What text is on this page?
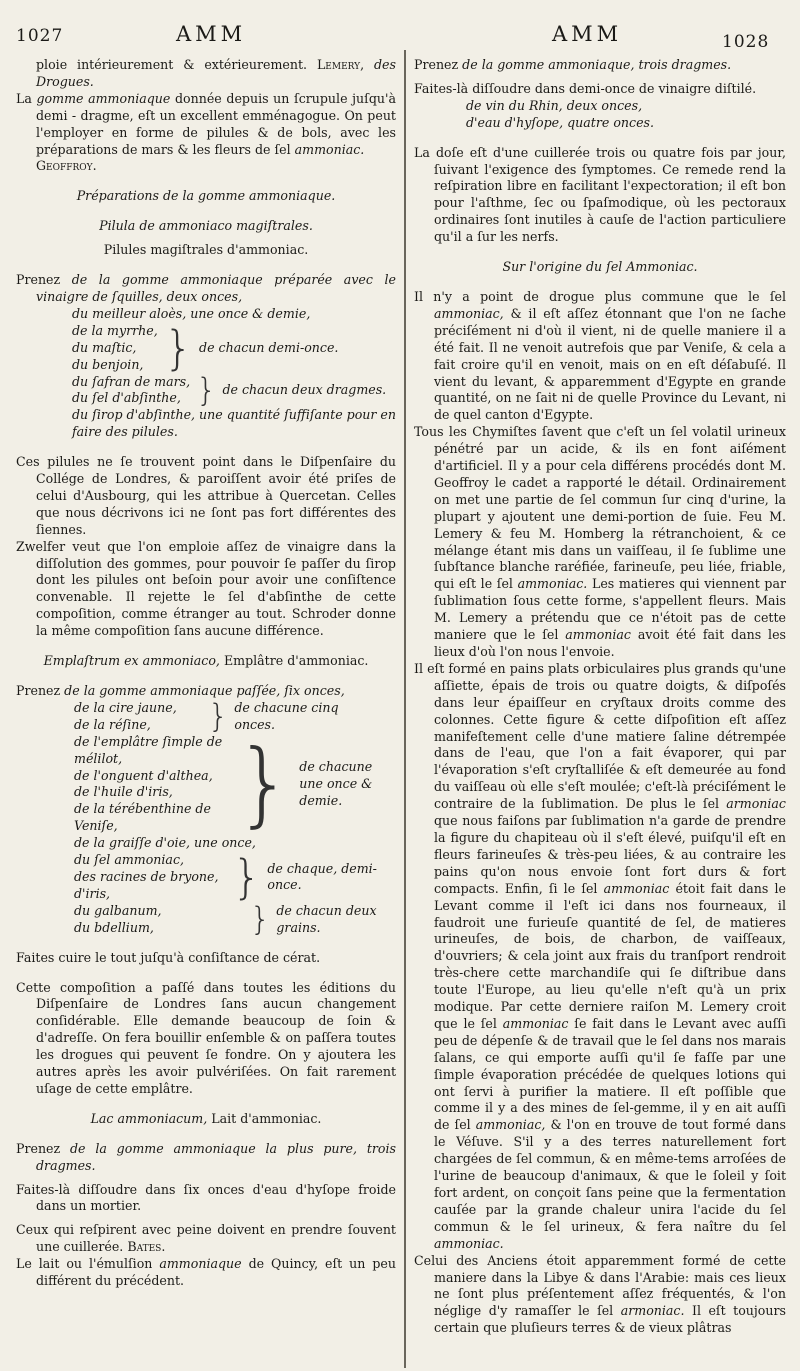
1027	AMM	AMM	1028

ploie intérieurement & extérieurement. Lemery, des Drogues.

La gomme ammoniaque donnée depuis un ſcrupule juſqu'à demi - dragme, eſt un excellent emménagogue. On peut l'employer en forme de pilules & de bols, avec les préparations de mars & les fleurs de ſel ammoniac.
Geoffroy.

Préparations de la gomme ammoniaque.

Pilula de ammoniaco magiſtrales.

Pilules magiſtrales d'ammoniac.

Prenez de la gomme ammoniaque préparée avec le vinaigre de ſquilles, deux onces,

du meilleur aloès, une once & demie,

de la myrrhe,
du maſtic,
du benjoin, } de chacun demi-once.
du ſafran de mars,
du ſel d'abſinthe, } de chacun deux dragmes.

du ſirop d'abſinthe, une quantité ſuffiſante pour en faire des pilules.

Ces pilules ne ſe trouvent point dans le Diſpenſaire du Collége de Londres, & paroiſſent avoir été priſes de celui d'Ausbourg, qui les attribue à Quercetan. Celles que nous décrivons ici ne ſont pas fort différentes des ſiennes.

Zwelfer veut que l'on emploie aſſez de vinaigre dans la diſſolution des gommes, pour pouvoir ſe paſſer du ſirop dont les pilules ont beſoin pour avoir une conſiſtence convenable. Il rejette le ſel d'abſinthe de cette compoſition, comme étranger au tout. Schroder donne la même compoſition ſans aucune différence.

Emplaſtrum ex ammoniaco, Emplâtre d'ammoniac.

Prenez de la gomme ammoniaque paſſée, ſix onces,

de la cire jaune,
de la réſine,	} de chacune cinq onces.
de l'emplâtre ſimple de mélilot,
de l'onguent d'althea,
de l'huile d'iris,
de la térébenthine de Veniſe,	} de chacune une once & demie.

de la graiſſe d'oie, une once,

du ſel ammoniac,
des racines de bryone,
d'iris,	} de chaque, demi-once.
du galbanum,
du bdellium,	} de chacun deux grains.

Faites cuire le tout juſqu'à conſiſtance de cérat.

Cette compoſition a paſſé dans toutes les éditions du Diſpenſaire de Londres ſans aucun changement conſidérable. Elle demande beaucoup de ſoin & d'adreſſe. On fera bouillir enſemble & on paſſera toutes les drogues qui peuvent ſe fondre. On y ajoutera les autres après les avoir pulvériſées. On fait rarement uſage de cette emplâtre.

Lac ammoniacum, Lait d'ammoniac.

Prenez de la gomme ammoniaque la plus pure, trois dragmes.

Faites-là diſſoudre dans ſix onces d'eau d'hyſope froide dans un mortier.

Ceux qui reſpirent avec peine doivent en prendre ſouvent une cuillerée. Bates.

Le lait ou l'émulſion ammoniaque de Quincy, eſt un peu différent du précédent.

Prenez de la gomme ammoniaque, trois dragmes.

Faites-là diſſoudre dans demi-once de vinaigre diſtilé.

de vin du Rhin, deux onces,

d'eau d'hyſope, quatre onces.

La doſe eſt d'une cuillerée trois ou quatre fois par jour, ſuivant l'exigence des ſymptomes. Ce remede rend la reſpiration libre en facilitant l'expectoration; il eſt bon pour l'aſthme, ſec ou ſpaſmodique, où les pectoraux ordinaires ſont inutiles à cauſe de l'action particuliere qu'il a ſur les nerfs.

Sur l'origine du ſel Ammoniac.

Il n'y a point de drogue plus commune que le ſel ammoniac, & il eſt aſſez étonnant que l'on ne ſache préciſément ni d'où il vient, ni de quelle maniere il a été fait. Il ne venoit autrefois que par Veniſe, & cela a fait croire qu'il en venoit, mais on en eſt déſabuſé. Il vient du levant, & apparemment d'Egypte en grande quantité, on ne ſait ni de quelle Province du Levant, ni de quel canton d'Egypte.

Tous les Chymiſtes ſavent que c'eſt un ſel volatil urineux pénétré par un acide, & ils en font aiſément d'artificiel. Il y a pour cela différens procédés dont M. Geoffroy le cadet a rapporté le détail. Ordinairement on met une partie de ſel commun ſur cinq d'urine, la plupart y ajoutent une demi-portion de ſuie. Feu M. Lemery & feu M. Homberg la rétranchoient, & ce mélange étant mis dans un vaiſſeau, il ſe ſublime une ſubſtance blanche raréfiée, farineuſe, peu liée, friable, qui eſt le ſel ammoniac. Les matieres qui viennent par ſublimation ſous cette forme, s'appellent fleurs. Mais M. Lemery a prétendu que ce n'étoit pas de cette maniere que le ſel ammoniac avoit été fait dans les lieux d'où l'on nous l'envoie.

Il eſt formé en pains plats orbiculaires plus grands qu'une aſſiette, épais de trois ou quatre doigts, & diſpoſés dans leur épaiſſeur en cryſtaux droits comme des colonnes. Cette figure & cette diſpoſition eſt aſſez manifeſtement celle d'une matiere ſaline détrempée dans de l'eau, que l'on a fait évaporer, qui par l'évaporation s'eſt cryſtalliſée & eſt demeurée au fond du vaiſſeau où elle s'eſt moulée; c'eſt-là préciſément le contraire de la ſublimation. De plus le ſel armoniac que nous faiſons par ſublimation n'a garde de prendre la figure du chapiteau où il s'eſt élevé, puiſqu'il eſt en fleurs farineuſes & très-peu liées, & au contraire les pains qu'on nous envoie ſont fort durs & fort compacts. Enfin, ſi le ſel ammoniac étoit fait dans le Levant comme il l'eſt ici dans nos fourneaux, il faudroit une furieuſe quantité de ſel, de matieres urineuſes, de bois, de charbon, de vaiſſeaux, d'ouvriers; & cela joint aux frais du tranſport rendroit très-chere cette marchandiſe qui ſe diſtribue dans toute l'Europe, au lieu qu'elle n'eſt qu'à un prix modique. Par cette derniere raiſon M. Lemery croit que le ſel ammoniac ſe fait dans le Levant avec auſſi peu de dépenſe & de travail que le ſel dans nos marais ſalans, ce qui emporte auſſi qu'il ſe faſſe par une ſimple évaporation précédée de quelques lotions qui ont ſervi à purifier la matiere. Il eſt poſſible que comme il y a des mines de ſel-gemme, il y en ait auſſi de ſel ammoniac, & l'on en trouve de tout formé dans le Véſuve. S'il y a des terres naturellement fort chargées de ſel commun, & en même-tems arroſées de l'urine de beaucoup d'animaux, & que le ſoleil y ſoit fort ardent, on conçoit ſans peine que la fermentation cauſée par la grande chaleur unira l'acide du ſel commun & le ſel urineux, & fera naître du ſel ammoniac.

Celui des Anciens étoit apparemment formé de cette maniere dans la Libye & dans l'Arabie: mais ces lieux ne ſont plus préſentement aſſez fréquentés, & l'on néglige d'y ramaſſer le ſel armoniac. Il eſt toujours certain que pluſieurs terres & de vieux plâtras
